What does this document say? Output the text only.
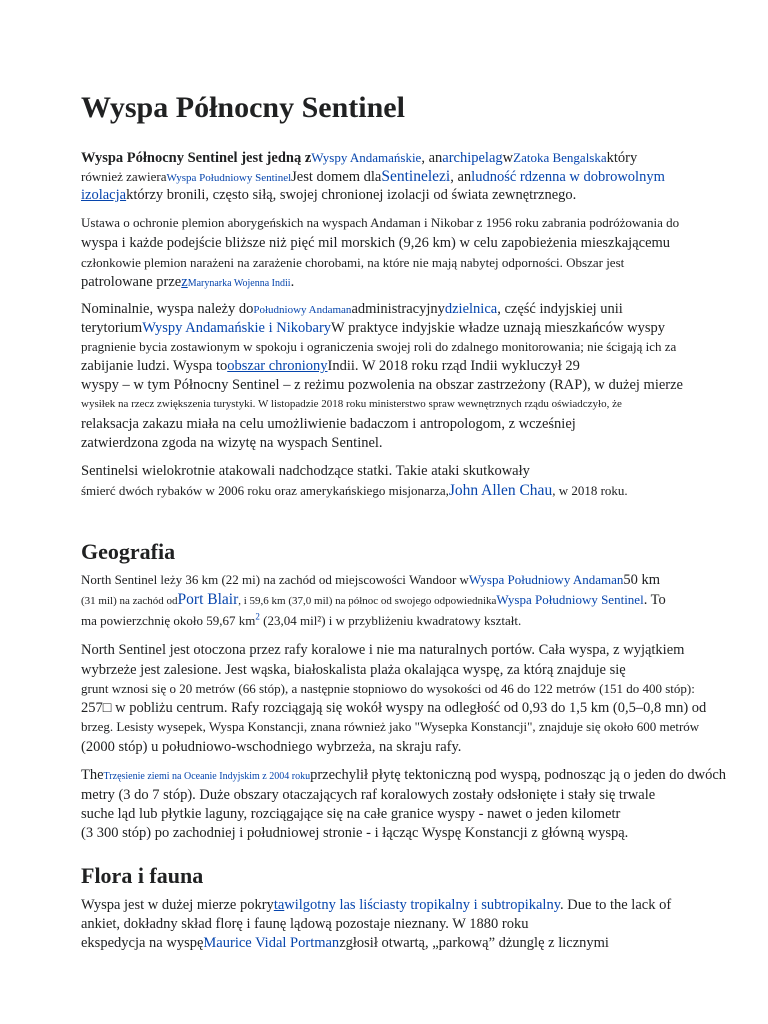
Wyspa Północny Sentinel
Wyspa Północny Sentinel jest jedną zWyspy Andamańskie, anarchipelagwZatoka Bengalskaktóry
również zawieraWyspa Południowy SentinelJest domem dlaSentinelezi, anludność rdzenna w dobrowolnym
izolacjaktórzy bronili, często siłą, swojej chronionej izolacji od świata zewnętrznego.
Ustawa o ochronie plemion aborygeńskich na wyspach Andaman i Nikobar z 1956 roku zabrania podróżowania do
wyspa i każde podejście bliższe niż pięć mil morskich (9,26 km) w celu zapobieżenia mieszkającemu
członkowie plemion narażeni na zarażenie chorobami, na które nie mają nabytej odporności. Obszar jest
patrolowane przezMarynarka Wojenna Indii.
Nominalnie, wyspa należy doPołudniowy Andamanadministracyjnydzielnica, część indyjskiej unii
terytoriumWyspy Andamańskie i NikobaryW praktyce indyjskie władze uznają mieszkańców wyspy
pragnienie bycia zostawionym w spokoju i ograniczenia swojej roli do zdalnego monitorowania; nie ścigają ich za
zabijanie ludzi. Wyspa toobszar chronionyIndii. W 2018 roku rząd Indii wykluczył 29
wyspy – w tym Północny Sentinel – z reżimu pozwolenia na obszar zastrzeżony (RAP), w dużej mierze
wysiłek na rzecz zwiększenia turystyki. W listopadzie 2018 roku ministerstwo spraw wewnętrznych rządu oświadczyło, że
relaksacja zakazu miała na celu umożliwienie badaczom i antropologom, z wcześniej
zatwierdzona zgoda na wizytę na wyspach Sentinel.
Sentinelsi wielokrotnie atakowali nadchodzące statki. Takie ataki skutkowały
śmierć dwóch rybaków w 2006 roku oraz amerykańskiego misjonarza,John Allen Chau, w 2018 roku.
Geografia
North Sentinel leży 36 km (22 mi) na zachód od miejscowości Wandoor wWyspa Południowy Andaman50 km
(31 mil) na zachód odPort Blair, i 59,6 km (37,0 mil) na północ od swojego odpowiednikaWyspa Południowy Sentinel. To
ma powierzchnię około 59,67 $km^2$ (23,04 mil²) i w przybliżeniu kwadratowy kształt.
North Sentinel jest otoczona przez rafy koralowe i nie ma naturalnych portów. Cała wyspa, z wyjątkiem
wybrzeże jest zalesione. Jest wąska, białoskalista plaża okalająca wyspę, za którą znajduje się
grunt wznosi się o 20 metrów (66 stóp), a następnie stopniowo do wysokości od 46 do 122 metrów (151 do 400 stóp):
257□ w pobliżu centrum. Rafy rozciągają się wokół wyspy na odległość od 0,93 do 1,5 km (0,5–0,8 mn) od
brzeg. Lesisty wysepek, Wyspa Konstancji, znana również jako "Wysepka Konstancji", znajduje się około 600 metrów
(2000 stóp) u południowo-wschodniego wybrzeża, na skraju rafy.
TheTrzęsienie ziemi na Oceanie Indyjskim z 2004 rokuprzechylił płytę tektoniczną pod wyspą, podnosząc ją o jeden do dwóch
metry (3 do 7 stóp). Duże obszary otaczających raf koralowych zostały odsłonięte i stały się trwale
suche ląd lub płytkie laguny, rozciągające się na całe granice wyspy - nawet o jeden kilometr
(3 300 stóp) po zachodniej i południowej stronie - i łącząc Wyspę Konstancji z główną wyspą.
Flora i fauna
Wyspa jest w dużej mierze pokrytawilgotny las liściasty tropikalny i subtropikalny. Due to the lack of
ankiet, dokładny skład florę i faunę lądową pozostaje nieznany. W 1880 roku
ekspedycja na wyspęMaurice Vidal Portmanzgłosił otwartą, „parkową” dżunglę z licznymi
